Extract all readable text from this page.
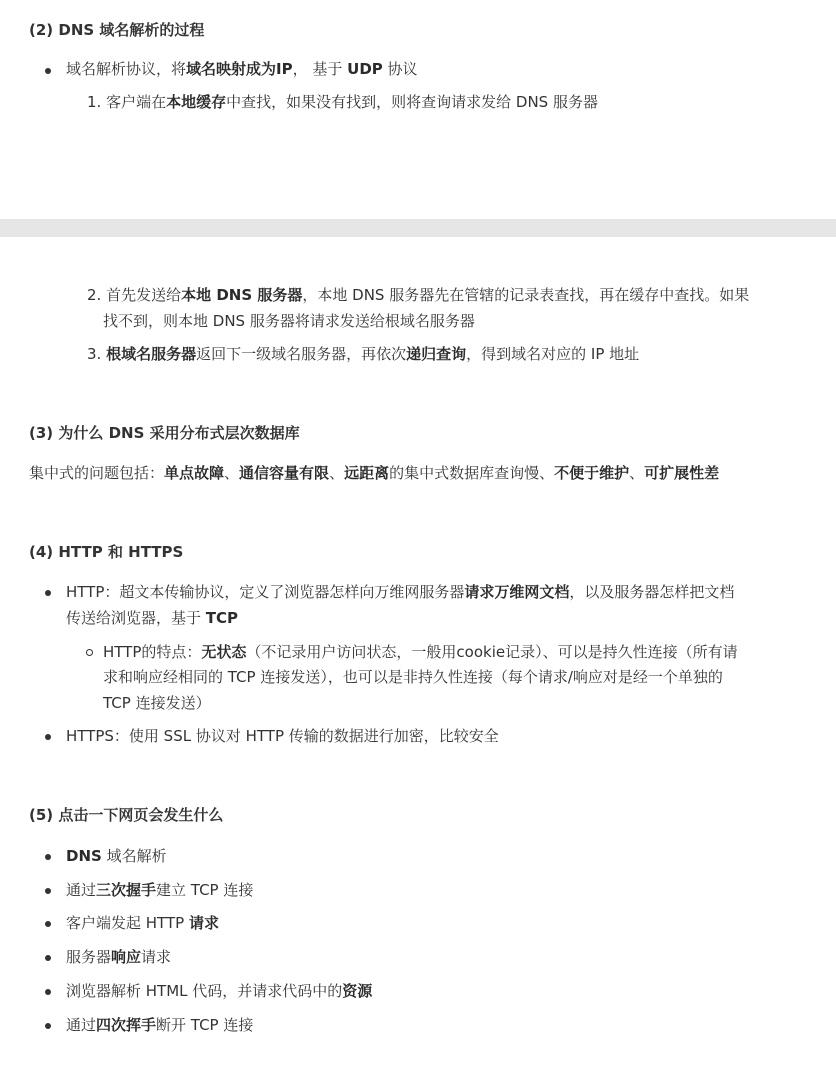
(2) DNS 域名解析的过程
域名解析协议，将域名映射成为IP， 基于 UDP 协议
1. 客户端在本地缓存中查找，如果没有找到，则将查询请求发给 DNS 服务器
2. 首先发送给本地 DNS 服务器，本地 DNS 服务器先在管辖的记录表查找，再在缓存中查找。如果
找不到，则本地 DNS 服务器将请求发送给根域名服务器
3. 根域名服务器返回下一级域名服务器，再依次递归查询，得到域名对应的 IP 地址
(3) 为什么 DNS 采用分布式层次数据库
集中式的问题包括：单点故障、通信容量有限、远距离的集中式数据库查询慢、不便于维护、可扩展性差
(4) HTTP 和 HTTPS
HTTP：超文本传输协议，定义了浏览器怎样向万维网服务器请求万维网文档，以及服务器怎样把文档
传送给浏览器，基于 TCP
HTTP的特点：无状态（不记录用户访问状态，一般用cookie记录）、可以是持久性连接（所有请
求和响应经相同的 TCP 连接发送），也可以是非持久性连接（每个请求/响应对是经一个单独的
TCP 连接发送）
HTTPS：使用 SSL 协议对 HTTP 传输的数据进行加密，比较安全
(5) 点击一下网页会发生什么
DNS 域名解析
通过三次握手建立 TCP 连接
客户端发起 HTTP 请求
服务器响应请求
浏览器解析 HTML 代码，并请求代码中的资源
通过四次挥手断开 TCP 连接
